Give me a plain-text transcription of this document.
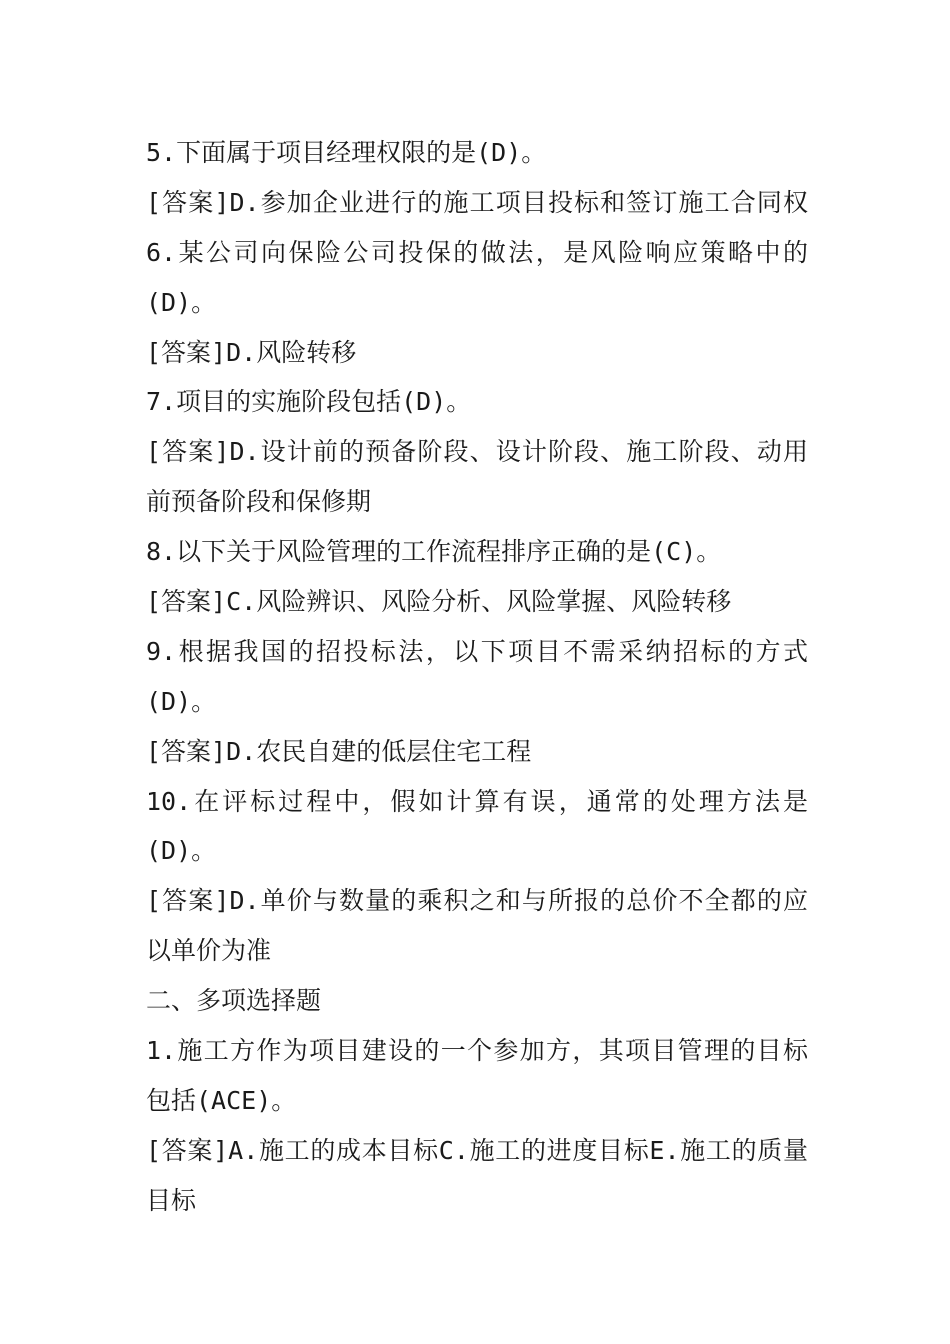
5.下面属于项目经理权限的是(D)。
[答案]D.参加企业进行的施工项目投标和签订施工合同权
6.某公司向保险公司投保的做法，是风险响应策略中的
(D)。
[答案]D.风险转移
7.项目的实施阶段包括(D)。
[答案]D.设计前的预备阶段、设计阶段、施工阶段、动用
前预备阶段和保修期
8.以下关于风险管理的工作流程排序正确的是(C)。
[答案]C.风险辨识、风险分析、风险掌握、风险转移
9.根据我国的招投标法，以下项目不需采纳招标的方式
(D)。
[答案]D.农民自建的低层住宅工程
10.在评标过程中，假如计算有误，通常的处理方法是
(D)。
[答案]D.单价与数量的乘积之和与所报的总价不全都的应
以单价为准
二、多项选择题
1.施工方作为项目建设的一个参加方，其项目管理的目标
包括(ACE)。
[答案]A.施工的成本目标C.施工的进度目标E.施工的质量
目标
